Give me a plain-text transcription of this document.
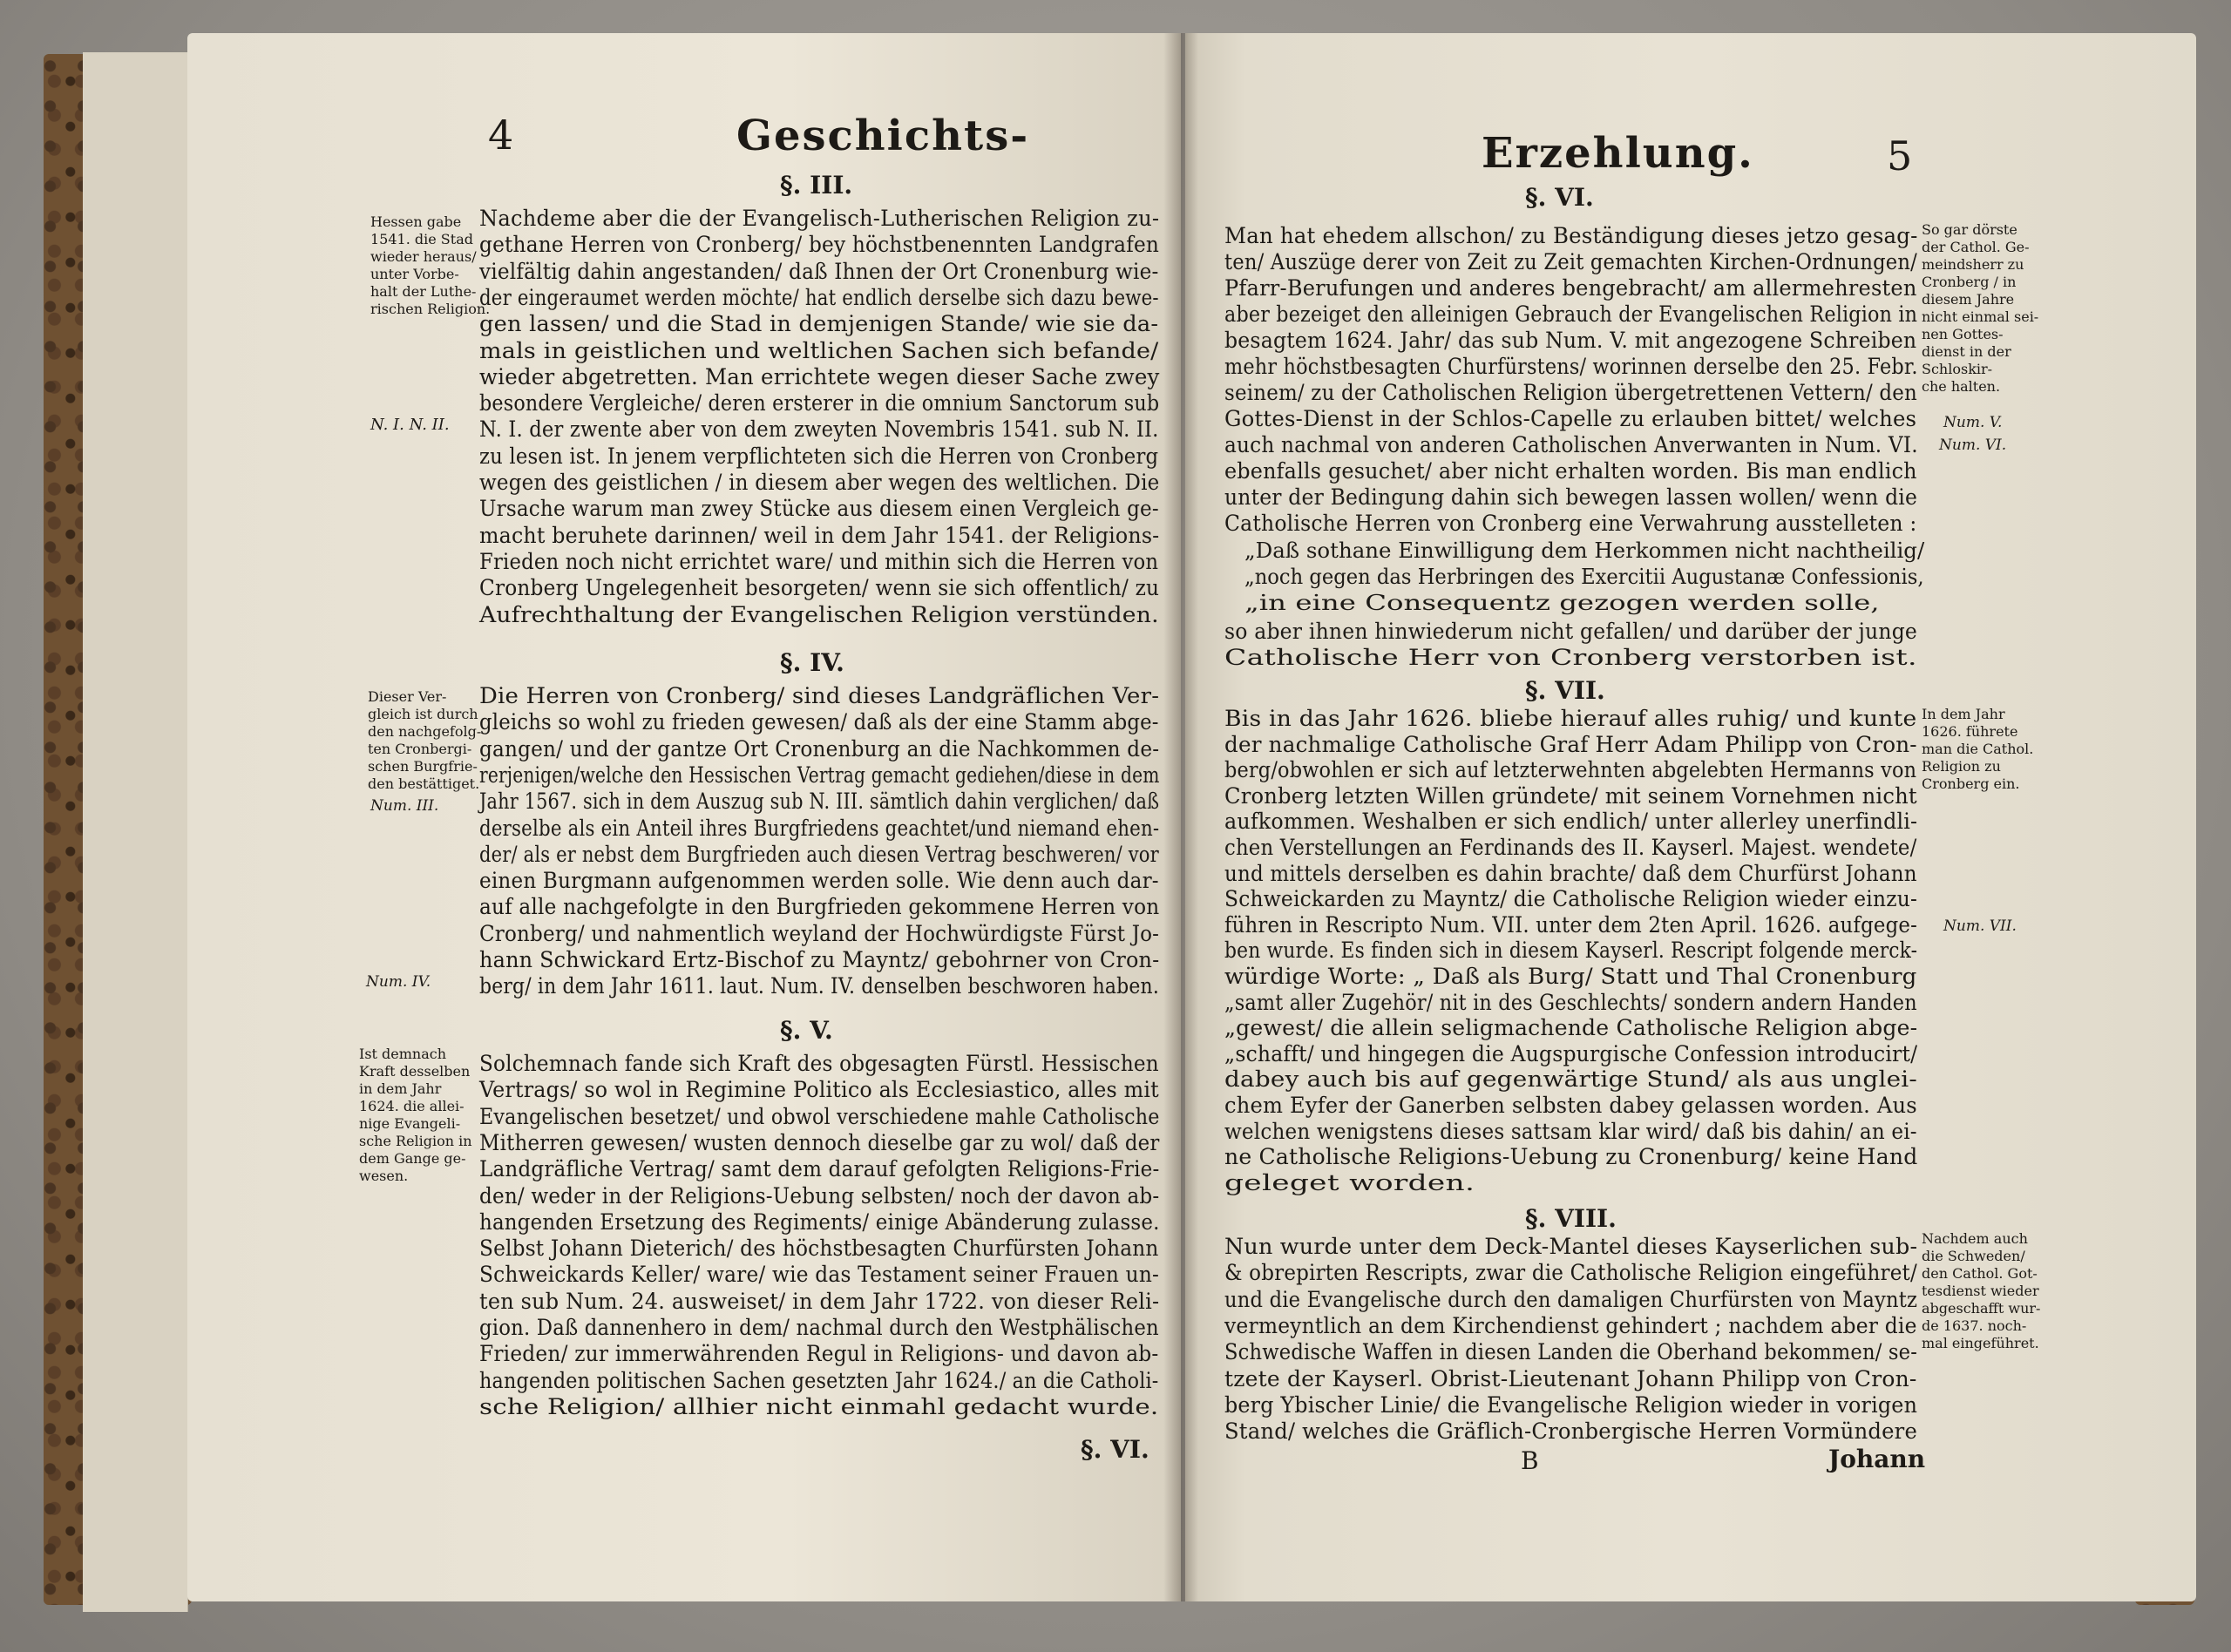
4	Geschichts-
§. III.
Hessen gabe
1541. die Stad
wieder heraus/
unter Vorbe-
halt der Luthe-
rischen Religion.
N. I. N. II.
Nachdeme aber die der Evangelisch-Lutherischen Religion zu-
gethane Herren von Cronberg/ bey höchstbenennten Landgrafen
vielfältig dahin angestanden/ daß Ihnen der Ort Cronenburg wie-
der eingeraumet werden möchte/ hat endlich derselbe sich dazu bewe-
gen lassen/ und die Stad in demjenigen Stande/ wie sie da-
mals in geistlichen und weltlichen Sachen sich befande/
wieder abgetretten. Man errichtete wegen dieser Sache zwey
besondere Vergleiche/ deren ersterer in die omnium Sanctorum sub
N. I. der zwente aber von dem zweyten Novembris 1541. sub N. II.
zu lesen ist. In jenem verpflichteten sich die Herren von Cronberg
wegen des geistlichen / in diesem aber wegen des weltlichen. Die
Ursache warum man zwey Stücke aus diesem einen Vergleich ge-
macht beruhete darinnen/ weil in dem Jahr 1541. der Religions-
Frieden noch nicht errichtet ware/ und mithin sich die Herren von
Cronberg Ungelegenheit besorgeten/ wenn sie sich offentlich/ zu
Aufrechthaltung der Evangelischen Religion verstünden.
§. IV.
Dieser Ver-
gleich ist durch
den nachgefolg-
ten Cronbergi-
schen Burgfrie-
den bestättiget.
Num. III.
Num. IV.
Die Herren von Cronberg/ sind dieses Landgräflichen Ver-
gleichs so wohl zu frieden gewesen/ daß als der eine Stamm abge-
gangen/ und der gantze Ort Cronenburg an die Nachkommen de-
rerjenigen/welche den Hessischen Vertrag gemacht gediehen/diese in dem
Jahr 1567. sich in dem Auszug sub N. III. sämtlich dahin verglichen/ daß
derselbe als ein Anteil ihres Burgfriedens geachtet/und niemand ehen-
der/ als er nebst dem Burgfrieden auch diesen Vertrag beschweren/ vor
einen Burgmann aufgenommen werden solle. Wie denn auch dar-
auf alle nachgefolgte in den Burgfrieden gekommene Herren von
Cronberg/ und nahmentlich weyland der Hochwürdigste Fürst Jo-
hann Schwickard Ertz-Bischof zu Mayntz/ gebohrner von Cron-
berg/ in dem Jahr 1611. laut. Num. IV. denselben beschworen haben.
§. V.
Ist demnach
Kraft desselben
in dem Jahr
1624. die allei-
nige Evangeli-
sche Religion in
dem Gange ge-
wesen.
Solchemnach fande sich Kraft des obgesagten Fürstl. Hessischen
Vertrags/ so wol in Regimine Politico als Ecclesiastico, alles mit
Evangelischen besetzet/ und obwol verschiedene mahle Catholische
Mitherren gewesen/ wusten dennoch dieselbe gar zu wol/ daß der
Landgräfliche Vertrag/ samt dem darauf gefolgten Religions-Frie-
den/ weder in der Religions-Uebung selbsten/ noch der davon ab-
hangenden Ersetzung des Regiments/ einige Abänderung zulasse.
Selbst Johann Dieterich/ des höchstbesagten Churfürsten Johann
Schweickards Keller/ ware/ wie das Testament seiner Frauen un-
ten sub Num. 24. ausweiset/ in dem Jahr 1722. von dieser Reli-
gion. Daß dannenhero in dem/ nachmal durch den Westphälischen
Frieden/ zur immerwährenden Regul in Religions- und davon ab-
hangenden politischen Sachen gesetzten Jahr 1624./ an die Catholi-
sche Religion/ allhier nicht einmahl gedacht wurde.
§. VI.
Erzehlung.	5
§. VI.
So gar dörste
der Cathol. Ge-
meindsherr zu
Cronberg / in
diesem Jahre
nicht einmal sei-
nen Gottes-
dienst in der
Schloskir-
che halten.
Num. V.
Num. VI.
Man hat ehedem allschon/ zu Beständigung dieses jetzo gesag-
ten/ Auszüge derer von Zeit zu Zeit gemachten Kirchen-Ordnungen/
Pfarr-Berufungen und anderes bengebracht/ am allermehresten
aber bezeiget den alleinigen Gebrauch der Evangelischen Religion in
besagtem 1624. Jahr/ das sub Num. V. mit angezogene Schreiben
mehr höchstbesagten Churfürstens/ worinnen derselbe den 25. Febr.
seinem/ zu der Catholischen Religion übergetrettenen Vettern/ den
Gottes-Dienst in der Schlos-Capelle zu erlauben bittet/ welches
auch nachmal von anderen Catholischen Anverwanten in Num. VI.
ebenfalls gesuchet/ aber nicht erhalten worden. Bis man endlich
unter der Bedingung dahin sich bewegen lassen wollen/ wenn die
Catholische Herren von Cronberg eine Verwahrung ausstelleten :
„Daß sothane Einwilligung dem Herkommen nicht nachtheilig/
„noch gegen das Herbringen des Exercitii Augustanæ Confessionis,
„in eine Consequentz gezogen werden solle,
so aber ihnen hinwiederum nicht gefallen/ und darüber der junge
Catholische Herr von Cronberg verstorben ist.
§. VII.
In dem Jahr
1626. führete
man die Cathol.
Religion zu
Cronberg ein.
Num. VII.
Bis in das Jahr 1626. bliebe hierauf alles ruhig/ und kunte
der nachmalige Catholische Graf Herr Adam Philipp von Cron-
berg/obwohlen er sich auf letzterwehnten abgelebten Hermanns von
Cronberg letzten Willen gründete/ mit seinem Vornehmen nicht
aufkommen. Weshalben er sich endlich/ unter allerley unerfindli-
chen Verstellungen an Ferdinands des II. Kayserl. Majest. wendete/
und mittels derselben es dahin brachte/ daß dem Churfürst Johann
Schweickarden zu Mayntz/ die Catholische Religion wieder einzu-
führen in Rescripto Num. VII. unter dem 2ten April. 1626. aufgege-
ben wurde. Es finden sich in diesem Kayserl. Rescript folgende merck-
würdige Worte: „ Daß als Burg/ Statt und Thal Cronenburg
„samt aller Zugehör/ nit in des Geschlechts/ sondern andern Handen
„gewest/ die allein seligmachende Catholische Religion abge-
„schafft/ und hingegen die Augspurgische Confession introducirt/
dabey auch bis auf gegenwärtige Stund/ als aus unglei-
chem Eyfer der Ganerben selbsten dabey gelassen worden. Aus
welchen wenigstens dieses sattsam klar wird/ daß bis dahin/ an ei-
ne Catholische Religions-Uebung zu Cronenburg/ keine Hand
geleget worden.
§. VIII.
Nachdem auch
die Schweden/
den Cathol. Got-
tesdienst wieder
abgeschafft wur-
de 1637. noch-
mal eingeführet.
Nun wurde unter dem Deck-Mantel dieses Kayserlichen sub-
& obrepirten Rescripts, zwar die Catholische Religion eingeführet/
und die Evangelische durch den damaligen Churfürsten von Mayntz
vermeyntlich an dem Kirchendienst gehindert ; nachdem aber die
Schwedische Waffen in diesen Landen die Oberhand bekommen/ se-
tzete der Kayserl. Obrist-Lieutenant Johann Philipp von Cron-
berg Ybischer Linie/ die Evangelische Religion wieder in vorigen
Stand/ welches die Gräflich-Cronbergische Herren Vormündere
B	Johann
